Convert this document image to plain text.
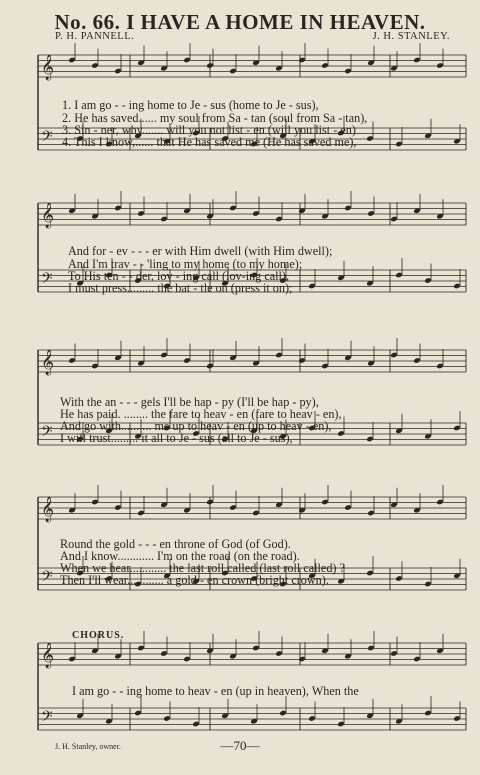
No. 66. I HAVE A HOME IN HEAVEN.
P. H. PANNELL.	J. H. STANLEY.
𝄞
𝄢
𝄞
𝄢
𝄞
𝄢
𝄞
𝄢
𝄞
𝄢
1. I am go - - ing home to Je - sus (home to Je - sus),
2. He has saved...... my soul from Sa - tan (soul from Sa - tan),
3. Sin - ner, why....... will you not list - en (will you list - en)
4. This I know,...... that He has saved me (He has saved me),
And for - ev - - - er with Him dwell (with Him dwell);
And I'm trav - - 'ling to my home (to my home);
To His ten - - der, lov - ing call (lov-ing call),
I must press......... the bat - tle on (press it on);
With the an - - - gels I'll be hap - py (I'll be hap - py),
He has paid. ........ the fare to heav - en (fare to heav - en),
And go with.......... me up to heav - en (up to heav - en),
I will trust......... it all to Je - sus (all to Je - sus),
Round the gold - - - en throne of God (of God).
And I know............ I'm on the road (on the road).
When we hear............ the last roll called (last roll called) ?
Then I'll wear............ a gold - en crown (bright crown).
CHORUS.
I am go - - ing home to heav - en (up in heaven), When the
J. H. Stanley, owner.	—70—
